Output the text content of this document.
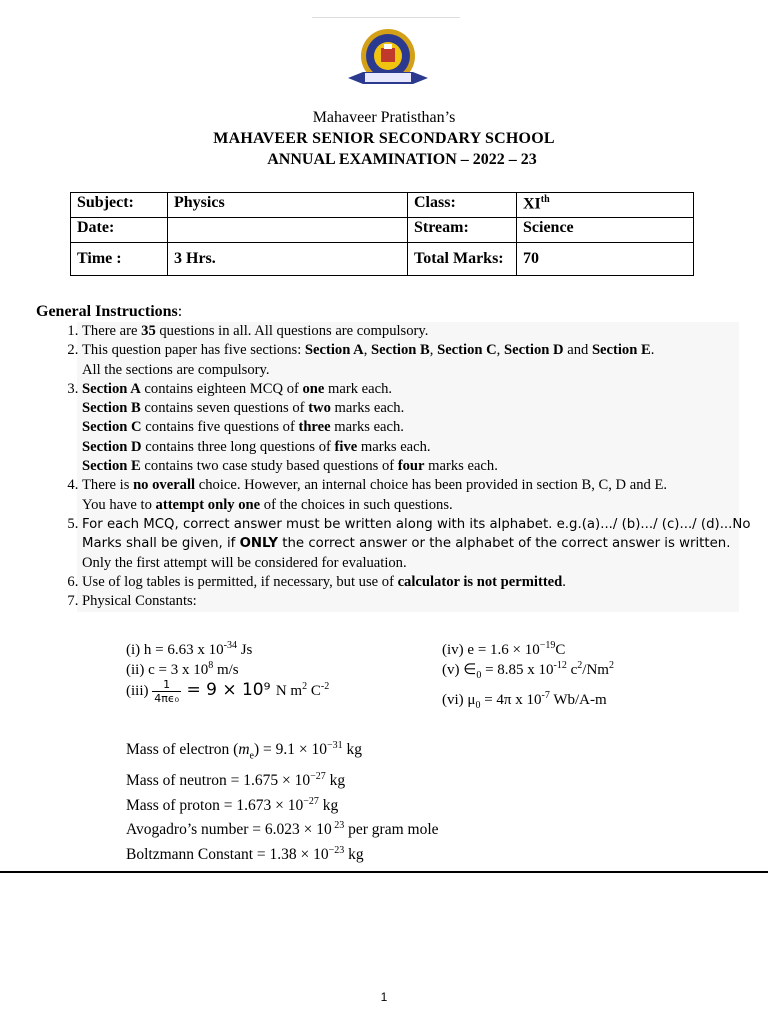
Mahaveer Pratisthan’s
MAHAVEER SENIOR SECONDARY SCHOOL
ANNUAL EXAMINATION – 2022 – 23
Subject:	Physics	Class:	XIth
Date:		Stream:	Science
Time :	3 Hrs.	Total Marks:	70
General Instructions:
1. There are 35 questions in all. All questions are compulsory.
2. This question paper has five sections: Section A, Section B, Section C, Section D and Section E.
All the sections are compulsory.
3. Section A contains eighteen MCQ of one mark each.
Section B contains seven questions of two marks each.
Section C contains five questions of three marks each.
Section D contains three long questions of five marks each.
Section E contains two case study based questions of four marks each.
4. There is no overall choice. However, an internal choice has been provided in section B, C, D and E.
You have to attempt only one of the choices in such questions.
5. For each MCQ, correct answer must be written along with its alphabet. e.g.(a).../ (b).../ (c).../ (d)...No Marks shall be given, if ONLY the correct answer or the alphabet of the correct answer is written.
Only the first attempt will be considered for evaluation.
6. Use of log tables is permitted, if necessary, but use of calculator is not permitted.
7. Physical Constants:
(i) h = 6.63 x $10^{-34}$ Js
(ii) c = 3 x $10^8$ m/s
$(iii) \frac{1}{\text{4πϵ₀}} = 9 \times 10^9$ N $m^2$ $C^{-2}$
(iv) $e = 1.6 \times 10^{-19}C$
(v) $\in_0 = 8.85$ x $10^{-12}$ $c^2/Nm^2$
(vi) $\mu_0 = 4\pi$ x $10^{-7}$ Wb/A-m
Mass of electron $(m_e) = 9.1 \times 10^{-31}$ kg
Mass of neutron = $1.675 \times 10^{-27}$ kg
Mass of proton = $1.673 \times 10^{-27}$ kg
Avogadro’s number = 6.023 × 10 $^{23}$ per gram mole
Boltzmann Constant = $1.38 \times 10^{-23}$ kg
1
